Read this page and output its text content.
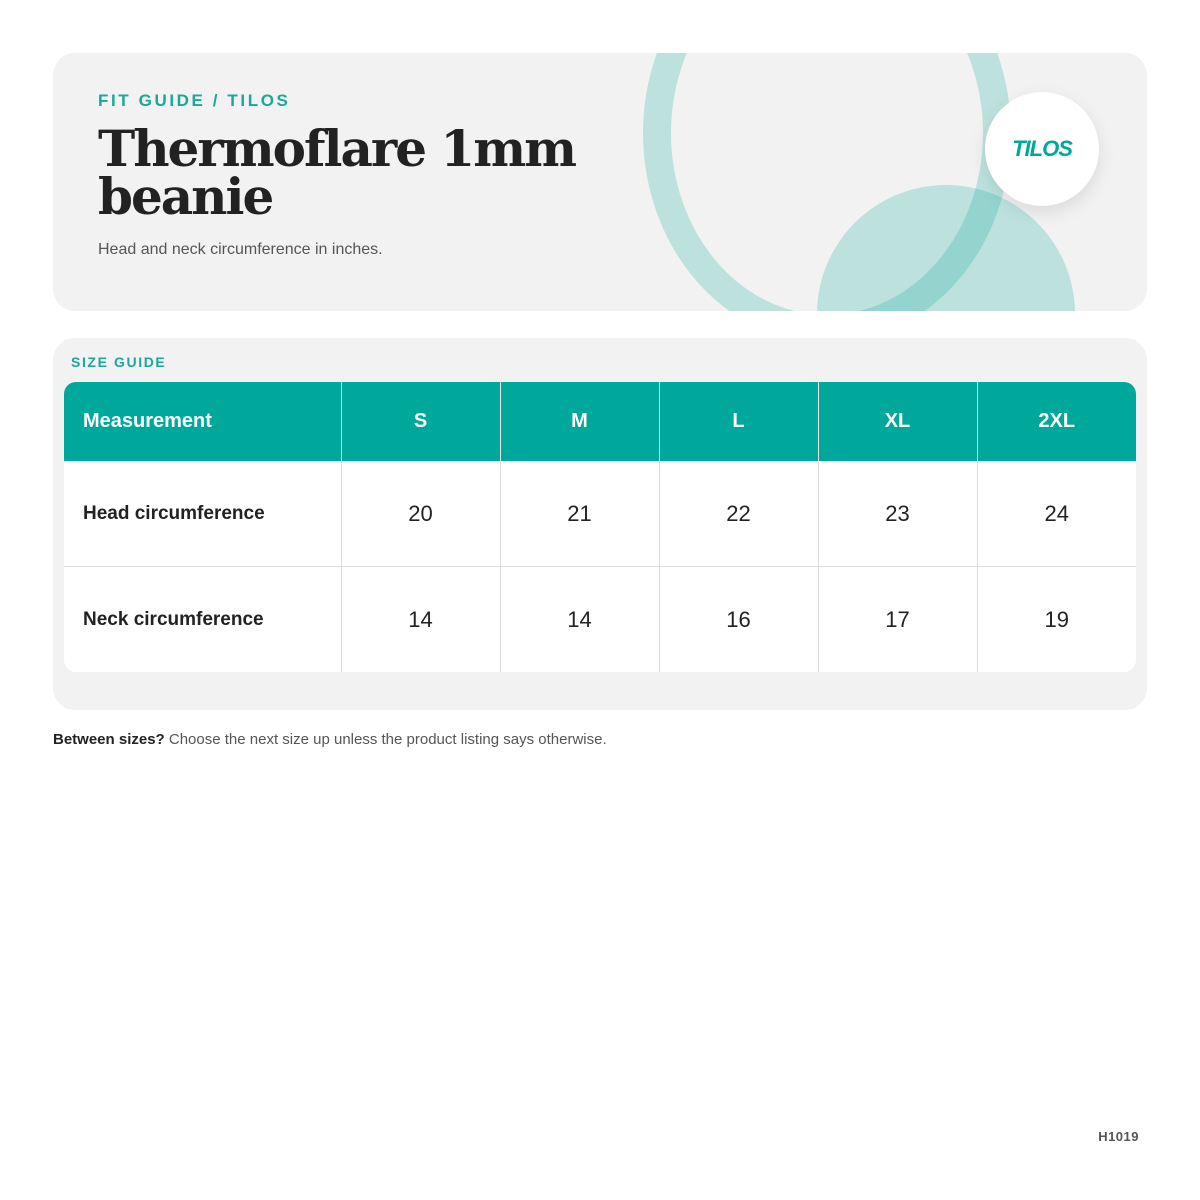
FIT GUIDE / TILOS
Thermoflare 1mm beanie
Head and neck circumference in inches.
TILOS
SIZE GUIDE
Measurement	S	M	L	XL	2XL
Head circumference	20	21	22	23	24
Neck circumference	14	14	16	17	19

Between sizes? Choose the next size up unless the product listing says otherwise.

H1019
